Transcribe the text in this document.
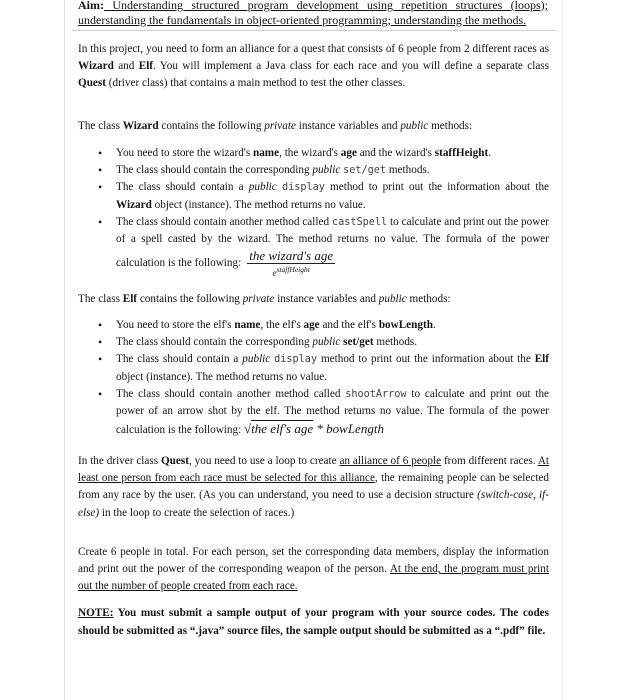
Aim: Understanding structured program development using repetition structures (loops); understanding the fundamentals in object-oriented programming; understanding the methods.
In this project, you need to form an alliance for a quest that consists of 6 people from 2 different races as Wizard and Elf. You will implement a Java class for each race and you will define a separate class Quest (driver class) that contains a main method to test the other classes.
The class Wizard contains the following private instance variables and public methods:
• You need to store the wizard's name, the wizard's age and the wizard's staffHeight.
• The class should contain the corresponding public set/get methods.
• The class should contain a public display method to print out the information about the Wizard object (instance). The method returns no value.
• The class should contain another method called castSpell to calculate and print out the power of a spell casted by the wizard. The method returns no value. The formula of the power calculation is the following: $\frac{\text{the wizard's age}}{e^{staffHeight}}$
The class Elf contains the following private instance variables and public methods:
• You need to store the elf's name, the elf's age and the elf's bowLength.
• The class should contain the corresponding public set/get methods.
• The class should contain a public display method to print out the information about the Elf object (instance). The method returns no value.
• The class should contain another method called shootArrow to calculate and print out the power of an arrow shot by the elf. The method returns no value. The formula of the power calculation is the following: √the elf's age * bowLength
In the driver class Quest, you need to use a loop to create an alliance of 6 people from different races. At least one person from each race must be selected for this alliance, the remaining people can be selected from any race by the user. (As you can understand, you need to use a decision structure (switch-case, if-else) in the loop to create the selection of races.)
Create 6 people in total. For each person, set the corresponding data members, display the information and print out the power of the corresponding weapon of the person. At the end, the program must print out the number of people created from each race.
NOTE: You must submit a sample output of your program with your source codes. The codes should be submitted as “.java” source files, the sample output should be submitted as a “.pdf” file.
